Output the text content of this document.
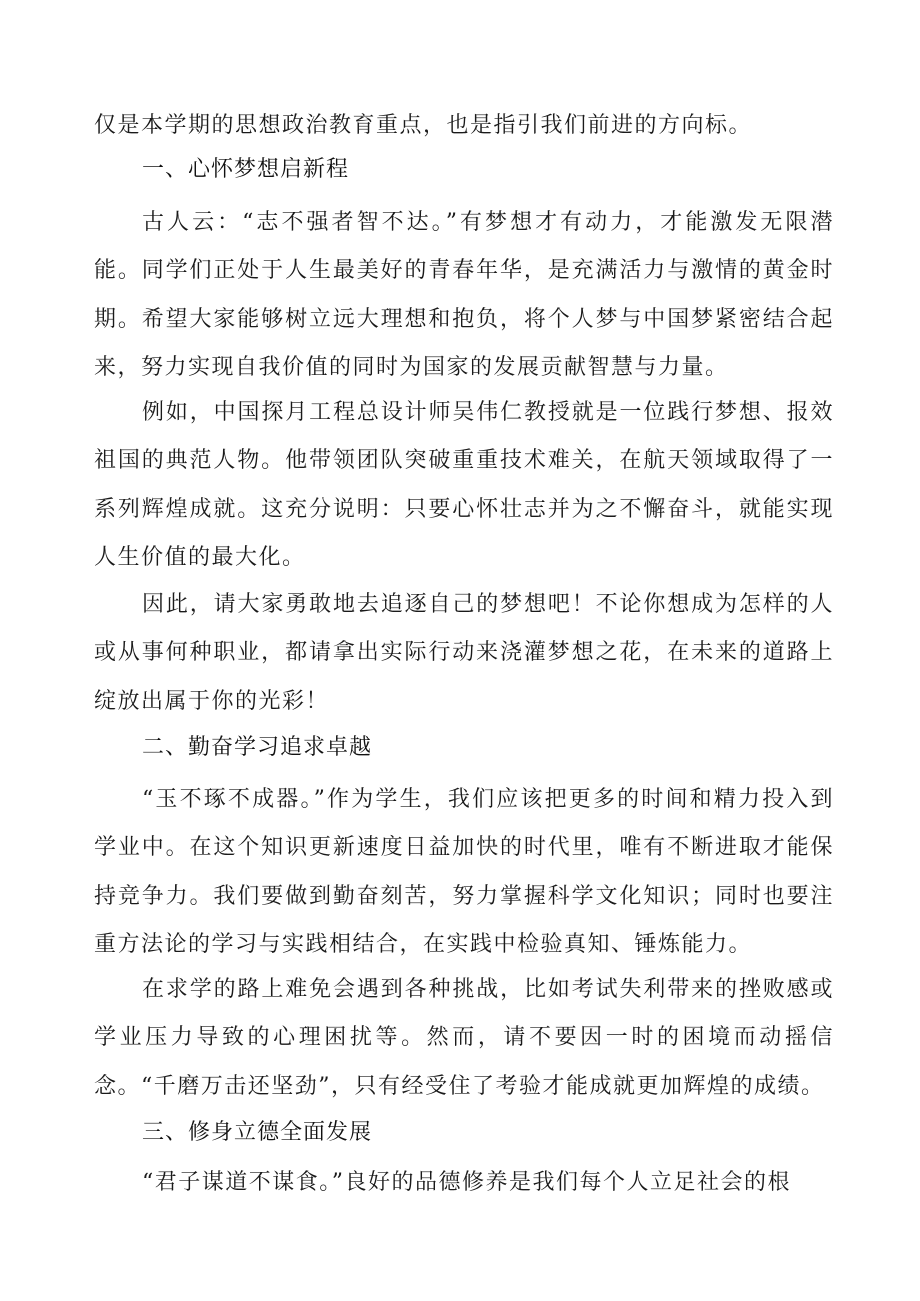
仅是本学期的思想政治教育重点，也是指引我们前进的方向标。

一、心怀梦想启新程

古人云：“志不强者智不达。”有梦想才有动力，才能激发无限潜能。同学们正处于人生最美好的青春年华，是充满活力与激情的黄金时期。希望大家能够树立远大理想和抱负，将个人梦与中国梦紧密结合起来，努力实现自我价值的同时为国家的发展贡献智慧与力量。

例如，中国探月工程总设计师吴伟仁教授就是一位践行梦想、报效祖国的典范人物。他带领团队突破重重技术难关，在航天领域取得了一系列辉煌成就。这充分说明：只要心怀壮志并为之不懈奋斗，就能实现人生价值的最大化。

因此，请大家勇敢地去追逐自己的梦想吧！不论你想成为怎样的人或从事何种职业，都请拿出实际行动来浇灌梦想之花，在未来的道路上绽放出属于你的光彩！

二、勤奋学习追求卓越

“玉不琢不成器。”作为学生，我们应该把更多的时间和精力投入到学业中。在这个知识更新速度日益加快的时代里，唯有不断进取才能保持竞争力。我们要做到勤奋刻苦，努力掌握科学文化知识；同时也要注重方法论的学习与实践相结合，在实践中检验真知、锤炼能力。

在求学的路上难免会遇到各种挑战，比如考试失利带来的挫败感或学业压力导致的心理困扰等。然而，请不要因一时的困境而动摇信念。“千磨万击还坚劲”，只有经受住了考验才能成就更加辉煌的成绩。

三、修身立德全面发展

“君子谋道不谋食。”良好的品德修养是我们每个人立足社会的根
